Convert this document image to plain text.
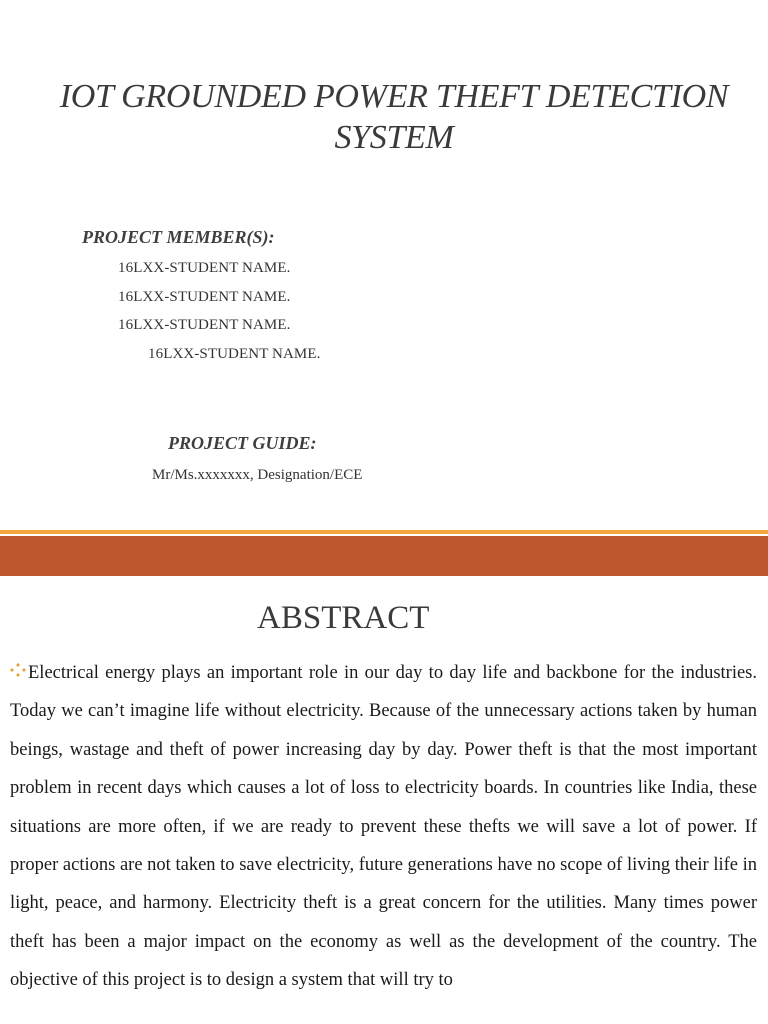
IOT GROUNDED POWER THEFT DETECTION SYSTEM
PROJECT MEMBER(S):
16LXX-STUDENT NAME.
16LXX-STUDENT NAME.
16LXX-STUDENT NAME.
16LXX-STUDENT NAME.
PROJECT GUIDE:
Mr/Ms.xxxxxxx, Designation/ECE
ABSTRACT

Electrical energy plays an important role in our day to day life and backbone for the industries. Today we can’t imagine life without electricity. Because of the unnecessary actions taken by human beings, wastage and theft of power increasing day by day. Power theft is that the most important problem in recent days which causes a lot of loss to electricity boards. In countries like India, these situations are more often, if we are ready to prevent these thefts we will save a lot of power. If proper actions are not taken to save electricity, future generations have no scope of living their life in light, peace, and harmony. Electricity theft is a great concern for the utilities. Many times power theft has been a major impact on the economy as well as the development of the country. The objective of this project is to design a system that will try to
